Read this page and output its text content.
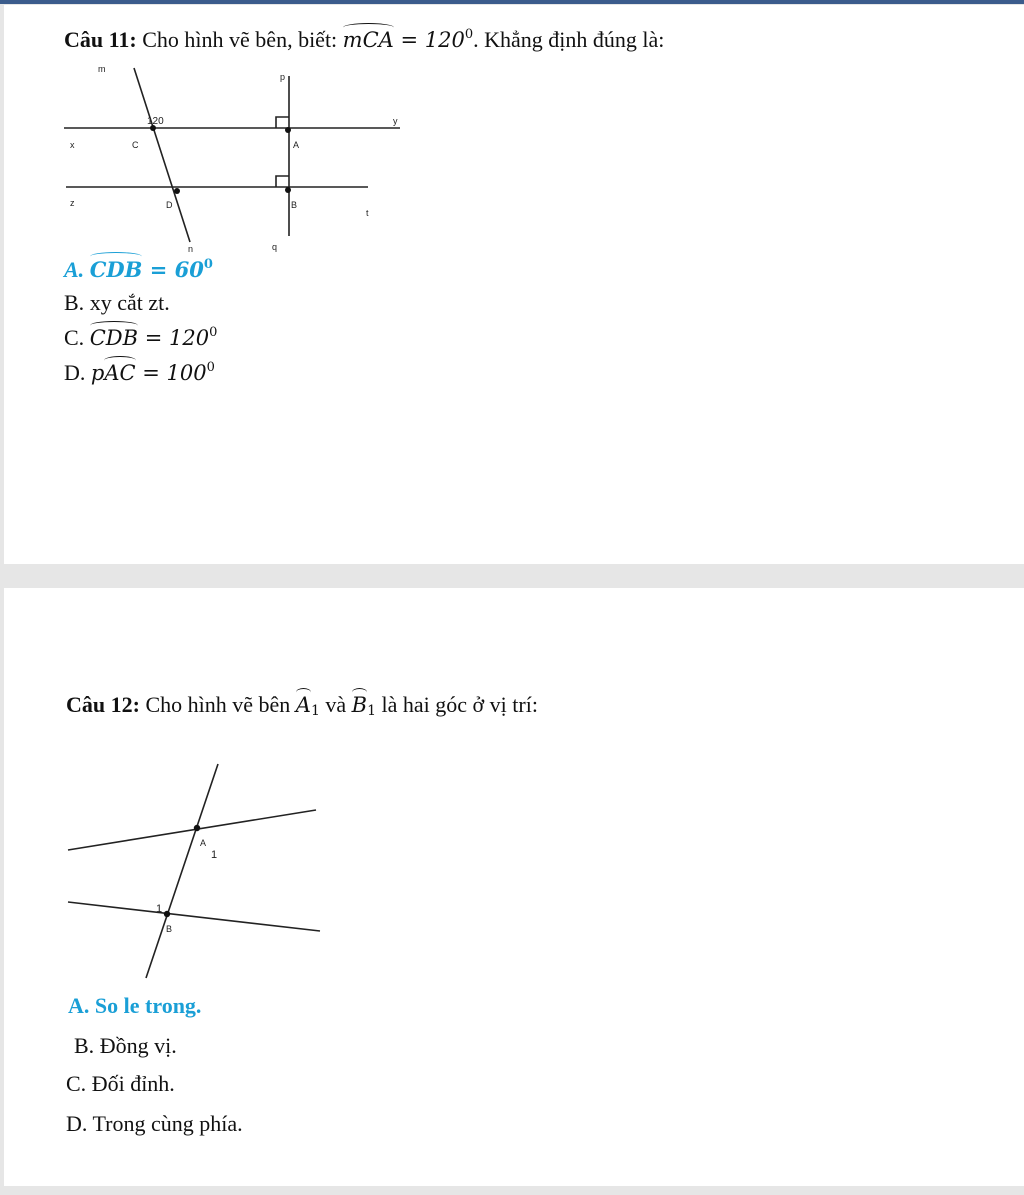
Câu 11: Cho hình vẽ bên, biết: mCA = $120^0$. Khẳng định đúng là:
m
p
y
x	C	A
z	D	B
t
n	q
120
A. CDB = $60^0$
B. xy cắt zt.
C. CDB = $120^0$
D. pAC = $100^0$
Câu 12: Cho hình vẽ bên $A_1$ và $B_1$ là hai góc ở vị trí:
A
1
1
B
A. So le trong.
B. Đồng vị.
C. Đối đỉnh.
D. Trong cùng phía.
